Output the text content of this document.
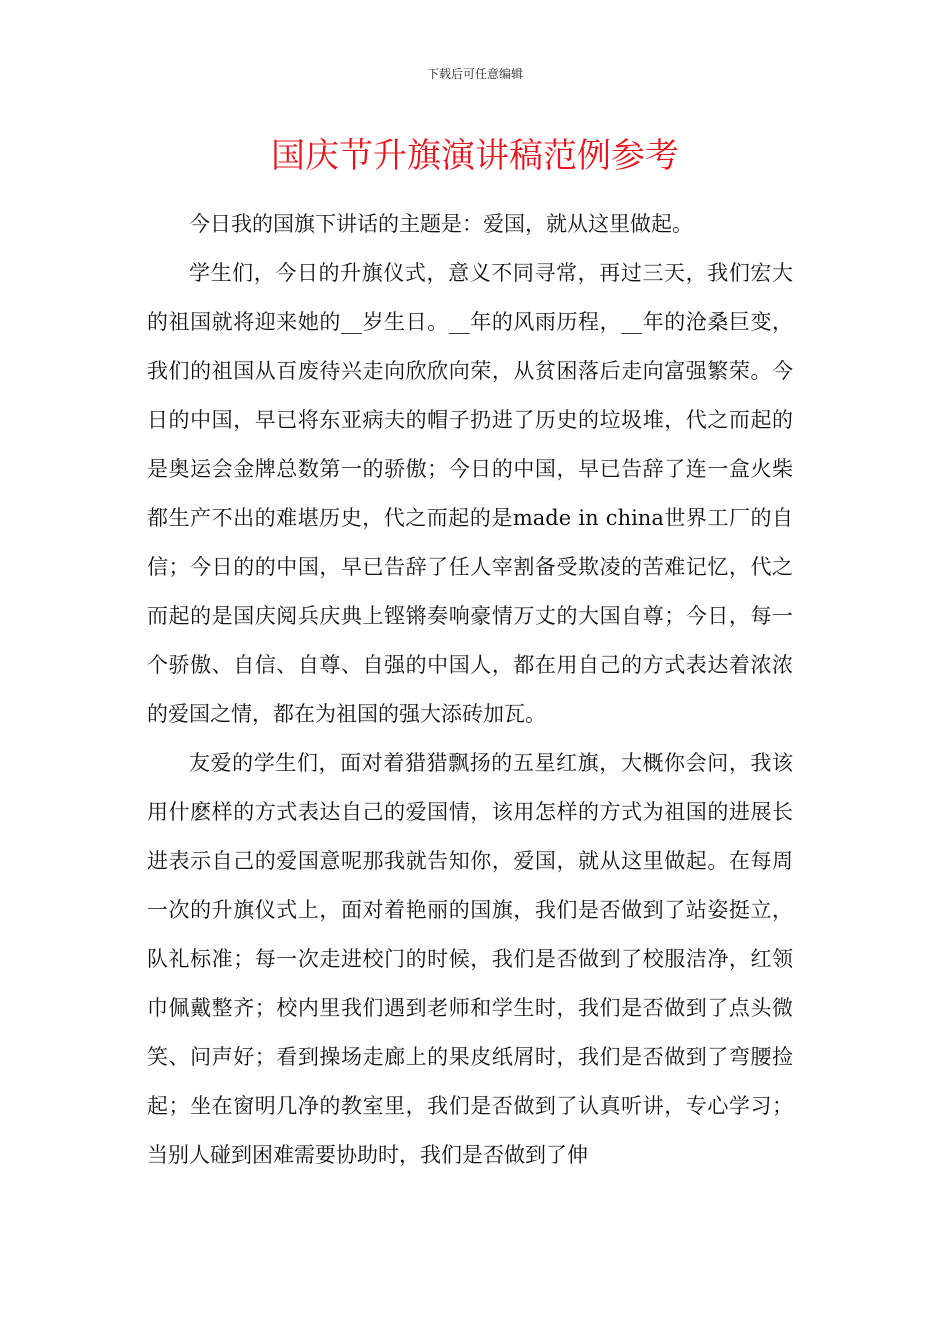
下载后可任意编辑
国庆节升旗演讲稿范例参考

今日我的国旗下讲话的主题是：爱国，就从这里做起。

学生们，今日的升旗仪式，意义不同寻常，再过三天，我们宏大的祖国就将迎来她的__岁生日。__年的风雨历程，__年的沧桑巨变，我们的祖国从百废待兴走向欣欣向荣，从贫困落后走向富强繁荣。今日的中国，早已将东亚病夫的帽子扔进了历史的垃圾堆，代之而起的是奥运会金牌总数第一的骄傲；今日的中国，早已告辞了连一盒火柴都生产不出的难堪历史，代之而起的是made in china世界工厂的自信；今日的的中国，早已告辞了任人宰割备受欺凌的苦难记忆，代之而起的是国庆阅兵庆典上铿锵奏响豪情万丈的大国自尊；今日，每一个骄傲、自信、自尊、自强的中国人，都在用自己的方式表达着浓浓的爱国之情，都在为祖国的强大添砖加瓦。

友爱的学生们，面对着猎猎飘扬的五星红旗，大概你会问，我该用什麽样的方式表达自己的爱国情，该用怎样的方式为祖国的进展长进表示自己的爱国意呢那我就告知你，爱国，就从这里做起。在每周一次的升旗仪式上，面对着艳丽的国旗，我们是否做到了站姿挺立，队礼标准；每一次走进校门的时候，我们是否做到了校服洁净，红领巾佩戴整齐；校内里我们遇到老师和学生时，我们是否做到了点头微笑、问声好；看到操场走廊上的果皮纸屑时，我们是否做到了弯腰捡起；坐在窗明几净的教室里，我们是否做到了认真听讲，专心学习；当别人碰到困难需要协助时，我们是否做到了伸
